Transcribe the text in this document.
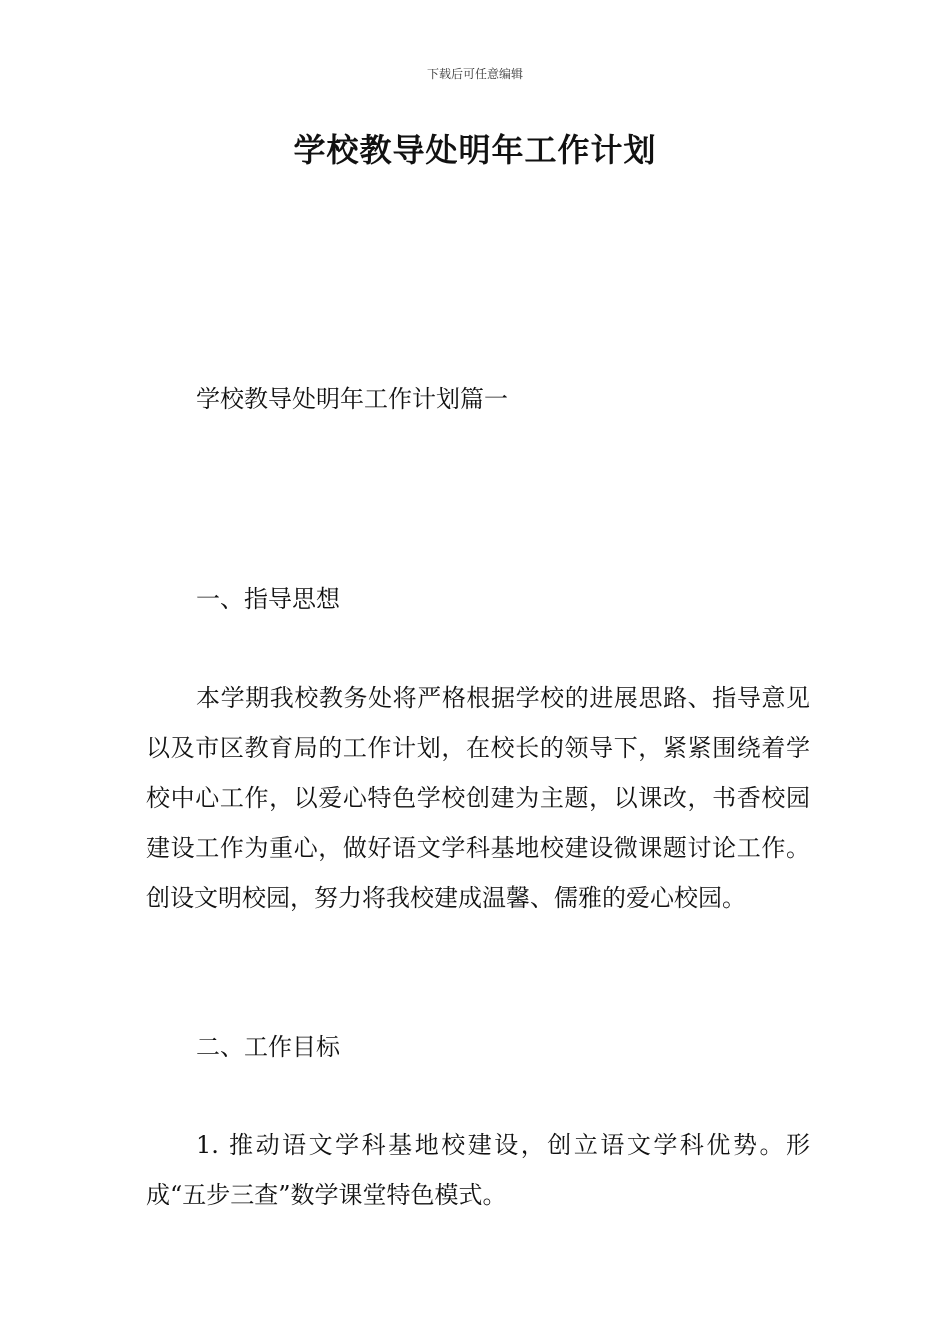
下载后可任意编辑
学校教导处明年工作计划

学校教导处明年工作计划篇一

一、指导思想

本学期我校教务处将严格根据学校的进展思路、指导意见以及市区教育局的工作计划，在校长的领导下，紧紧围绕着学校中心工作，以爱心特色学校创建为主题，以课改，书香校园建设工作为重心，做好语文学科基地校建设微课题讨论工作。创设文明校园，努力将我校建成温馨、儒雅的爱心校园。

二、工作目标

1. 推动语文学科基地校建设，创立语文学科优势。形成“五步三查”数学课堂特色模式。
